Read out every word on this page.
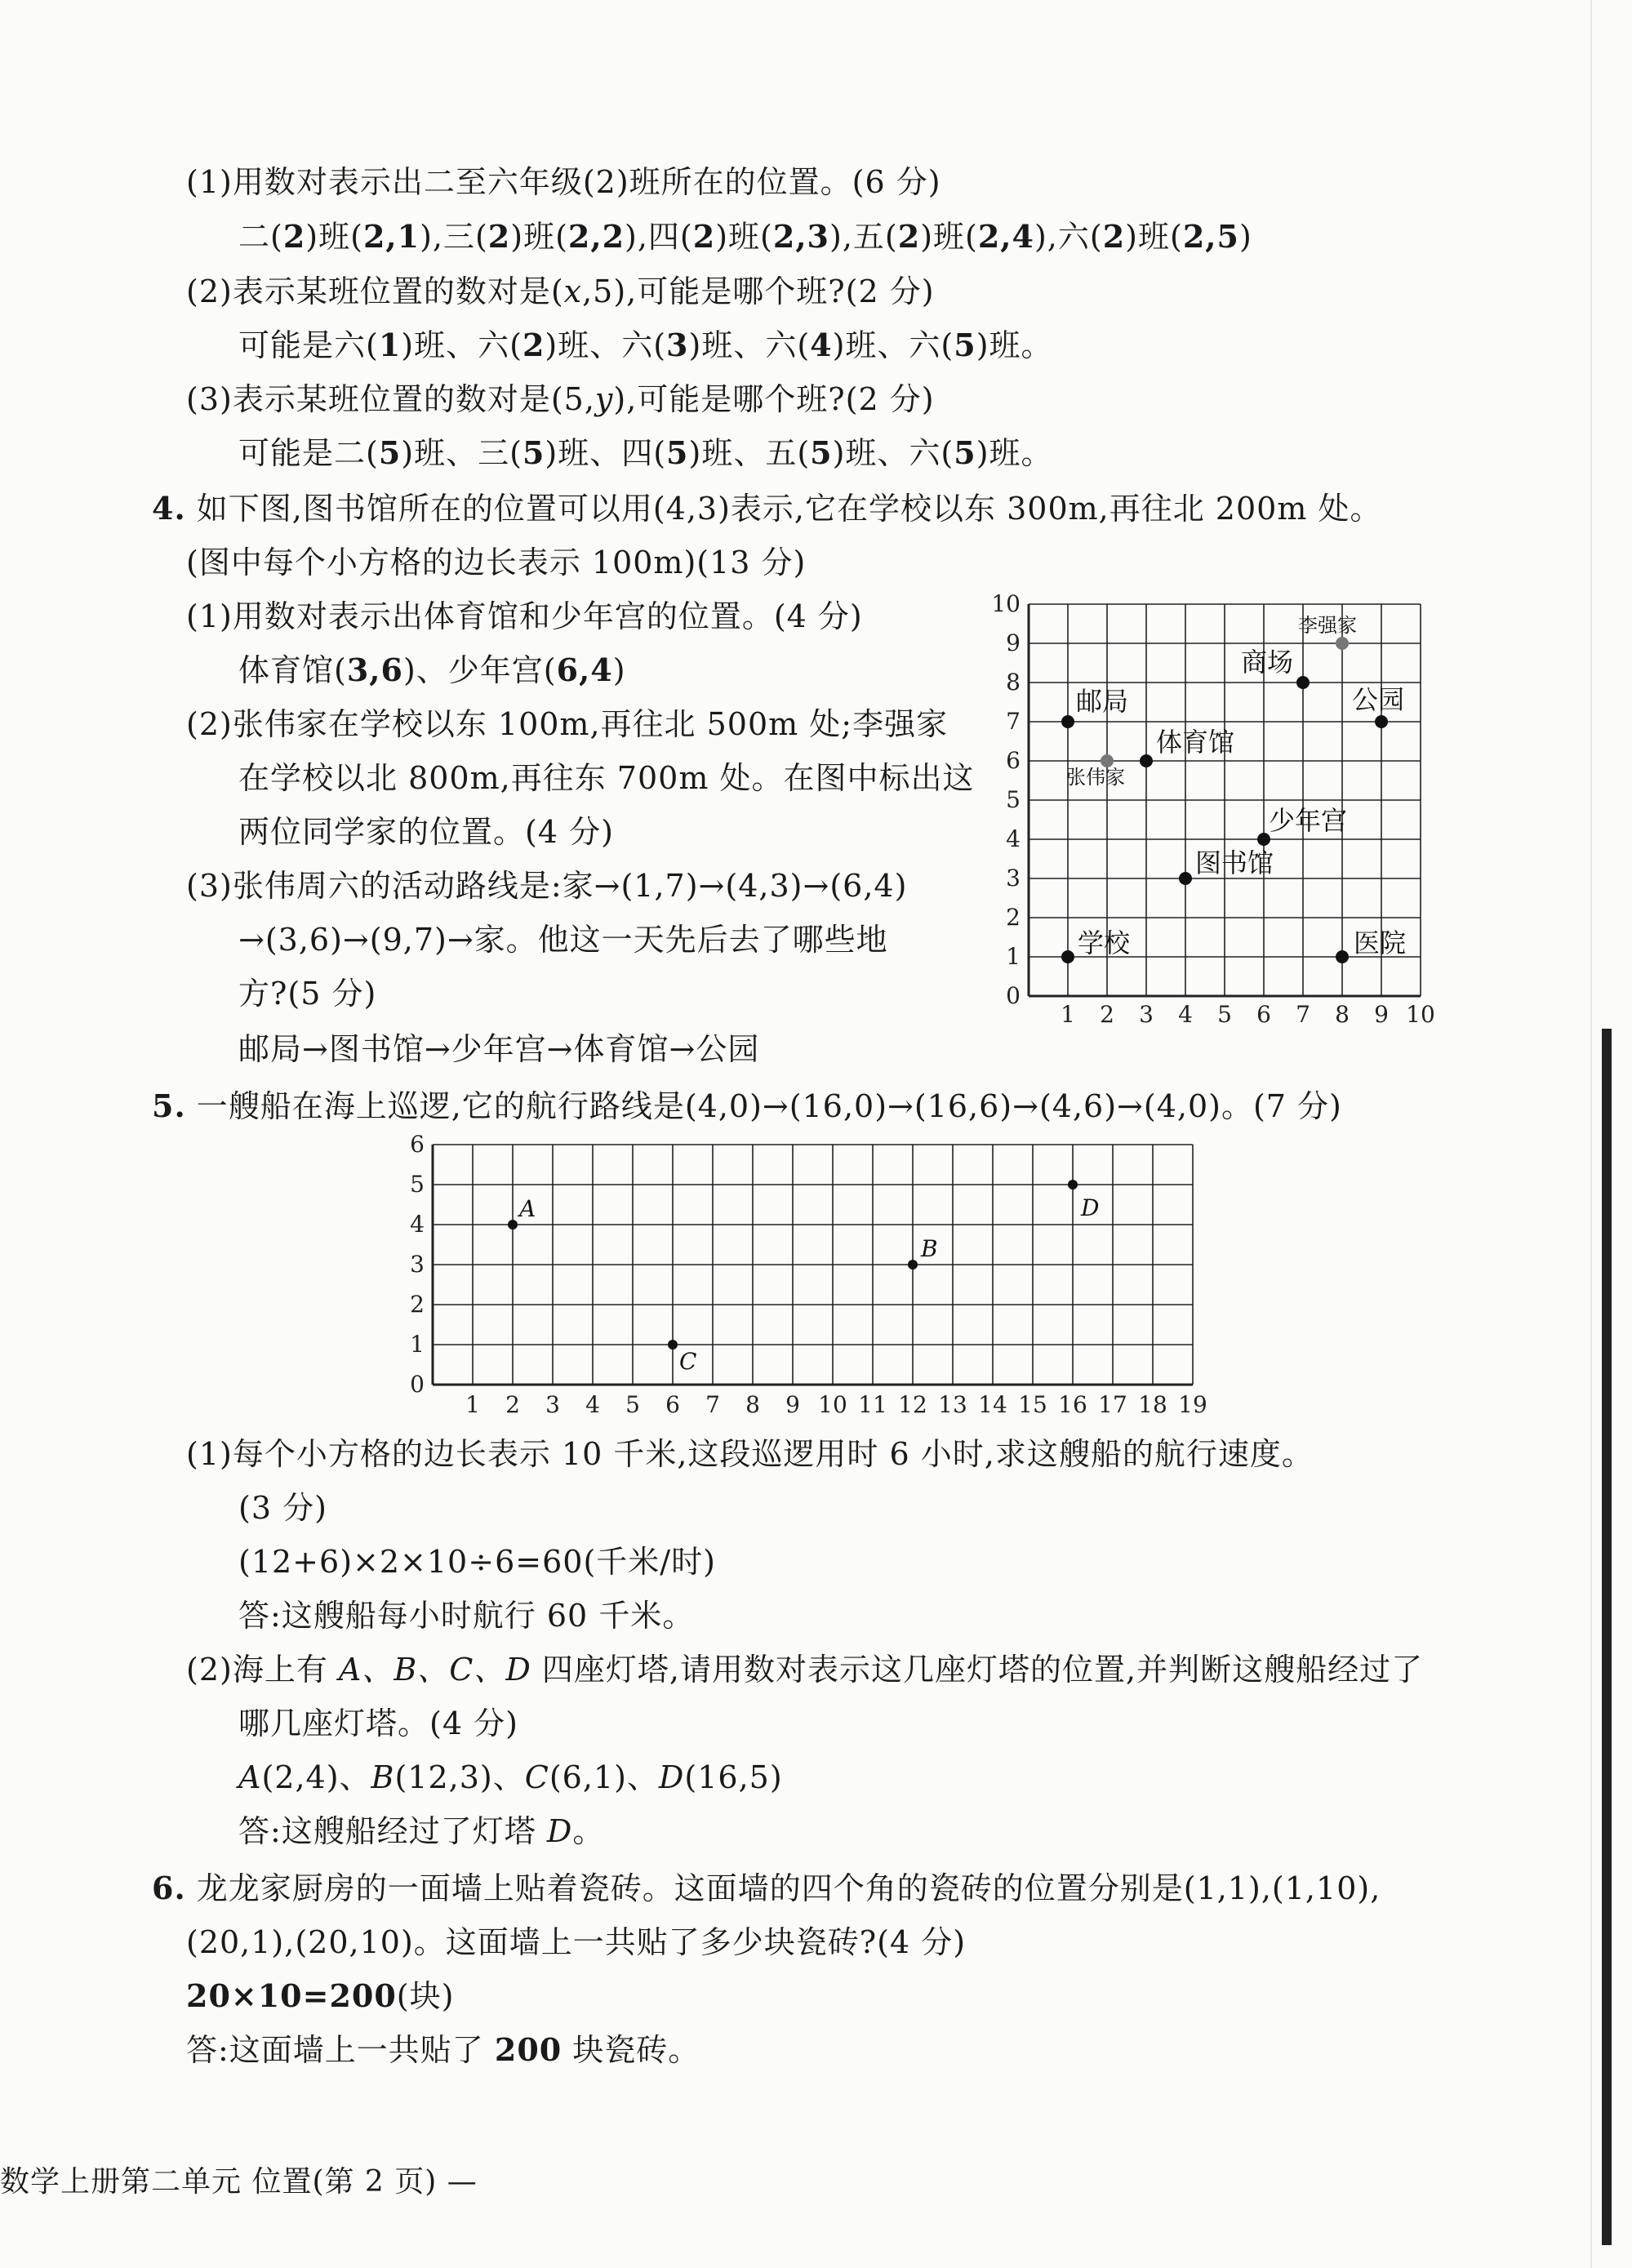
(1)用数对表示出二至六年级(2)班所在的位置。(6 分)
二(2)班(2,1),三(2)班(2,2),四(2)班(2,3),五(2)班(2,4),六(2)班(2,5)
(2)表示某班位置的数对是(x,5),可能是哪个班?(2 分)
可能是六(1)班、六(2)班、六(3)班、六(4)班、六(5)班。
(3)表示某班位置的数对是(5,y),可能是哪个班?(2 分)
可能是二(5)班、三(5)班、四(5)班、五(5)班、六(5)班。
4. 如下图,图书馆所在的位置可以用(4,3)表示,它在学校以东 300m,再往北 200m 处。
(图中每个小方格的边长表示 100m)(13 分)
(1)用数对表示出体育馆和少年宫的位置。(4 分)
体育馆(3,6)、少年宫(6,4)
(2)张伟家在学校以东 100m,再往北 500m 处;李强家
在学校以北 800m,再往东 700m 处。在图中标出这
两位同学家的位置。(4 分)
(3)张伟周六的活动路线是:家→(1,7)→(4,3)→(6,4)
→(3,6)→(9,7)→家。他这一天先后去了哪些地
方?(5 分)
邮局→图书馆→少年宫→体育馆→公园
1 2 3 4 5 6 7 8 9 10
0
1
2
3
4
5
6
7
8
9
10
学校	医院
图书馆
少年宫
体育馆
张伟家
邮局	公园
商场
李强家
5. 一艘船在海上巡逻,它的航行路线是(4,0)→(16,0)→(16,6)→(4,6)→(4,0)。(7 分)
1 2 3 4 5 6 7 8 9 10 11 12 13 14 15 16 17 18 19
0
1
2
3
4
5
6
A
B
C
D
(1)每个小方格的边长表示 10 千米,这段巡逻用时 6 小时,求这艘船的航行速度。
(3 分)
(12+6)×2×10÷6=60(千米/时)
答:这艘船每小时航行 60 千米。
(2)海上有 A、B、C、D 四座灯塔,请用数对表示这几座灯塔的位置,并判断这艘船经过了
哪几座灯塔。(4 分)
A(2,4)、B(12,3)、C(6,1)、D(16,5)
答:这艘船经过了灯塔 D。
6. 龙龙家厨房的一面墙上贴着瓷砖。这面墙的四个角的瓷砖的位置分别是(1,1),(1,10),
(20,1),(20,10)。这面墙上一共贴了多少块瓷砖?(4 分)
20×10=200(块)
答:这面墙上一共贴了 200 块瓷砖。
数学上册第二单元 位置(第 2 页) —
